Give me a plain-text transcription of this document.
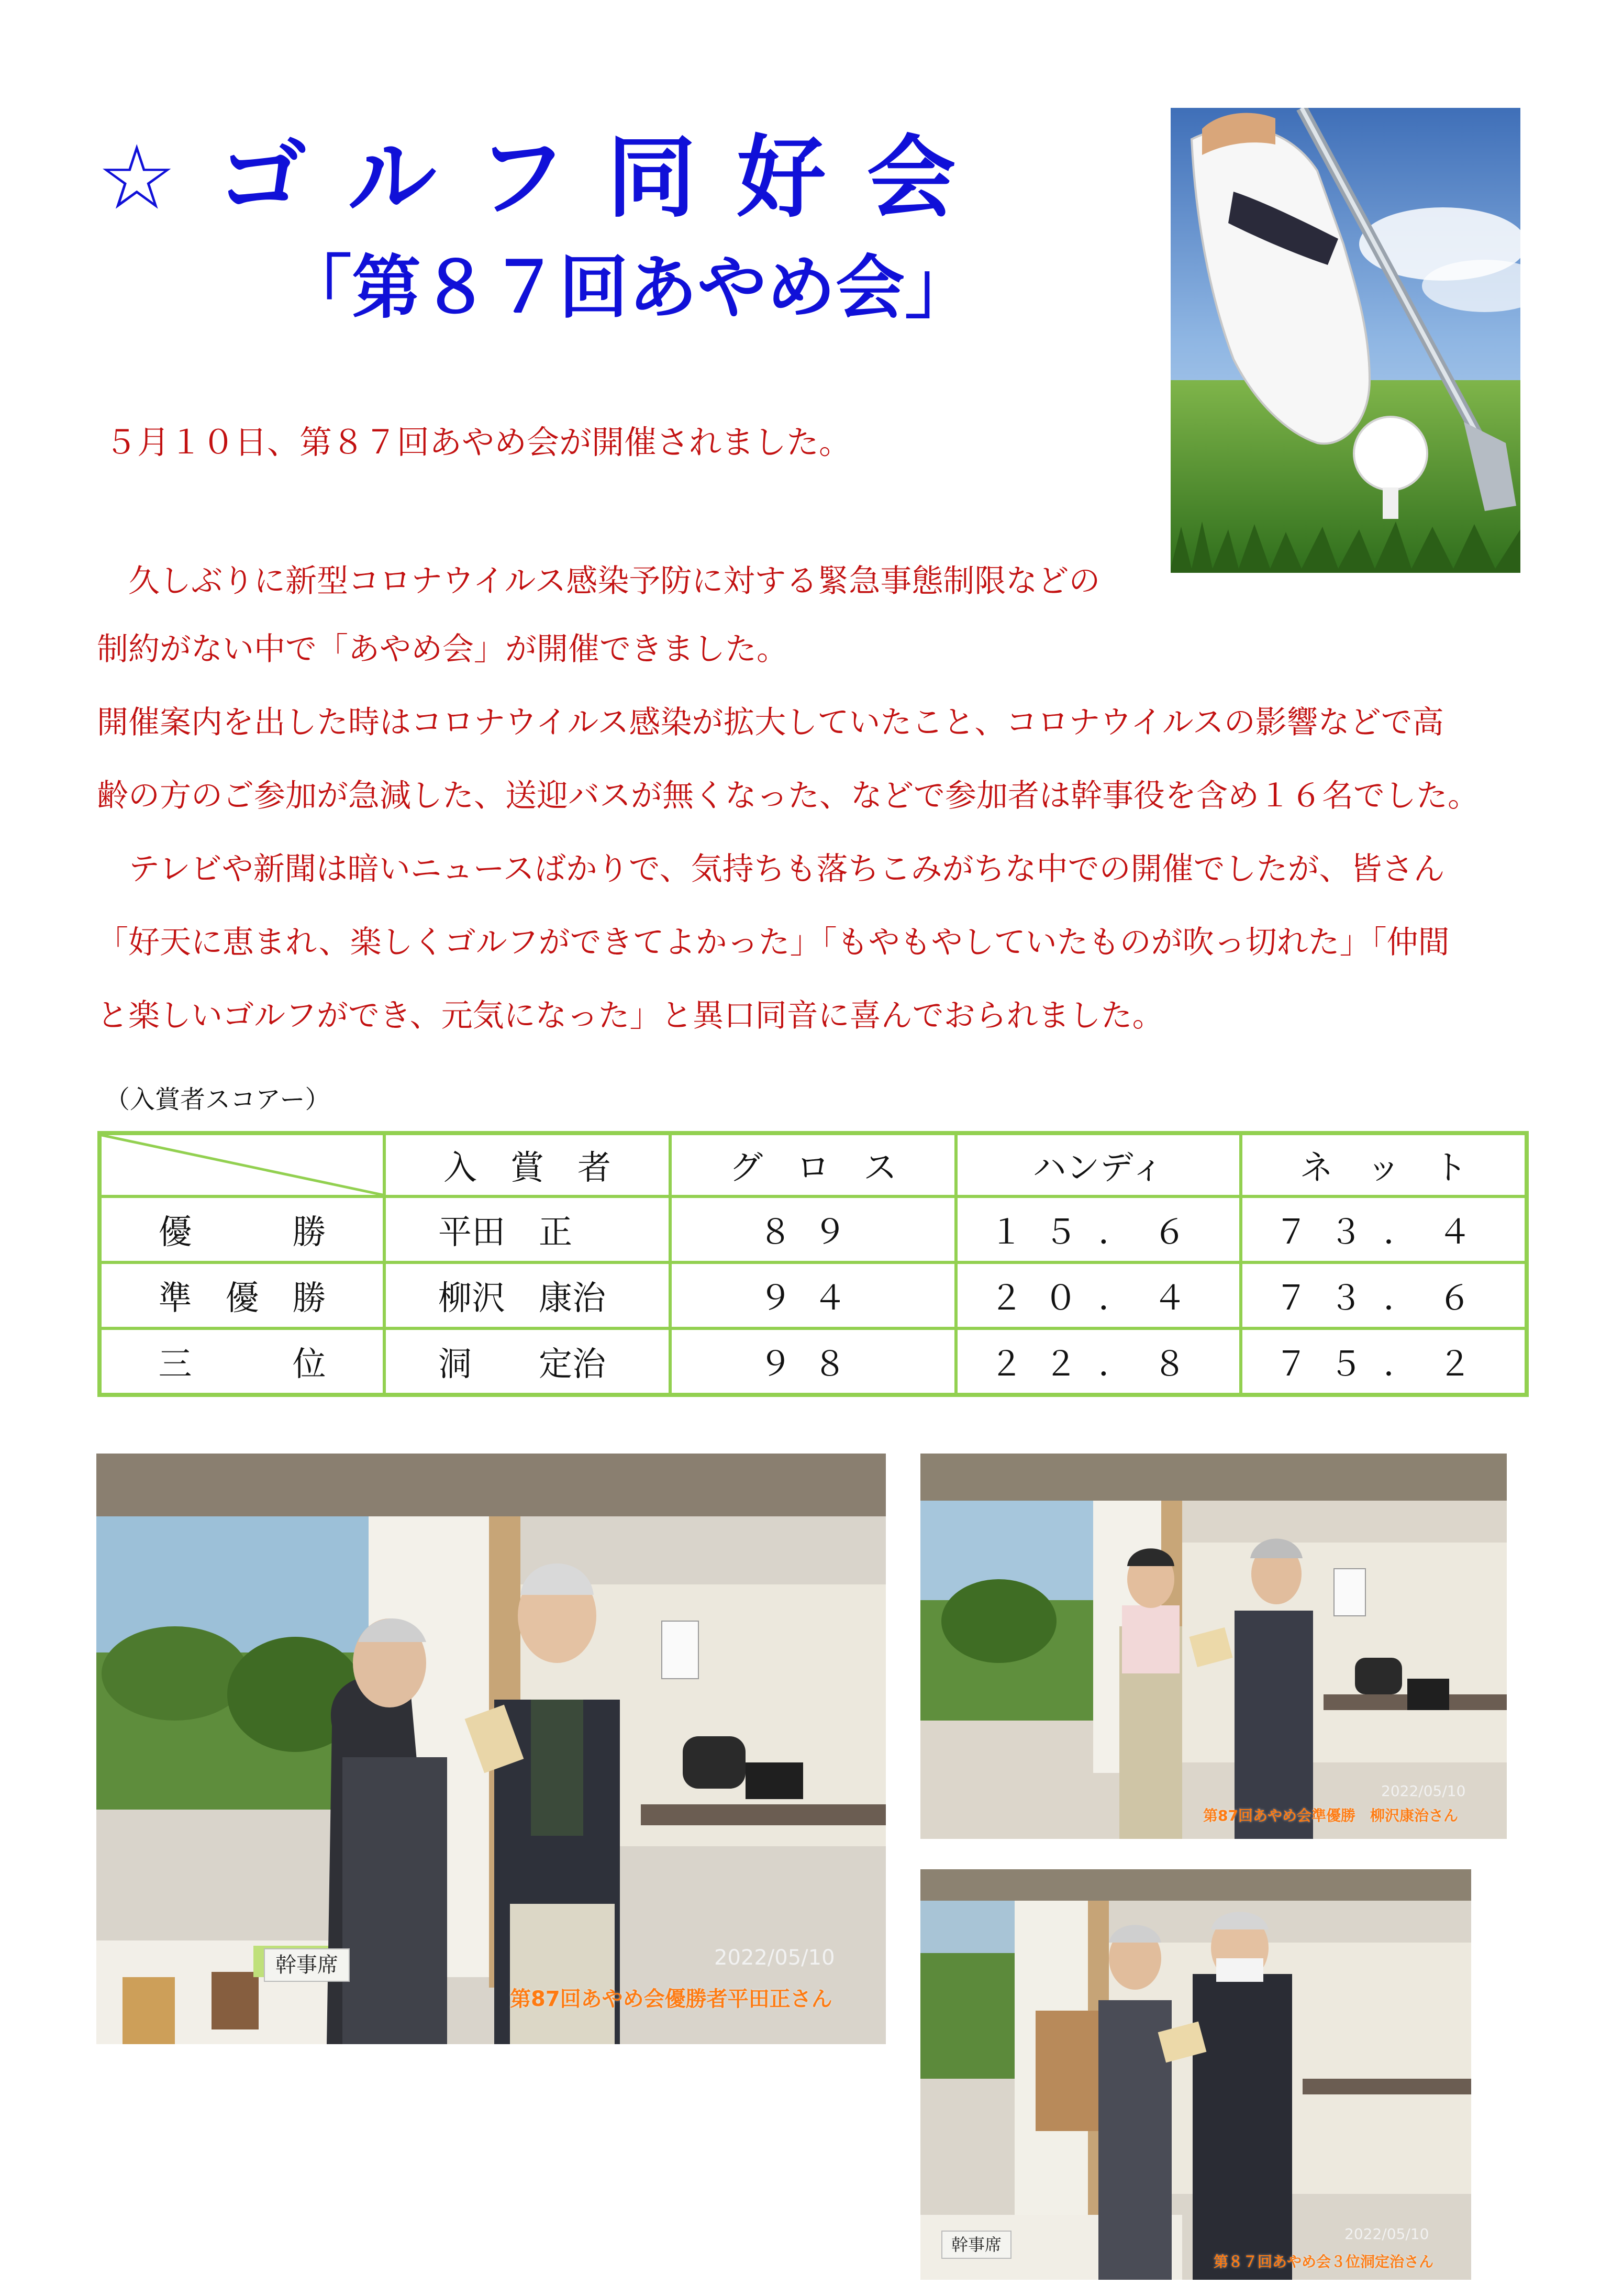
☆ゴルフ同好会
「第８７回あやめ会」
５月１０日、第８７回あやめ会が開催されました。
　久しぶりに新型コロナウイルス感染予防に対する緊急事態制限などの
制約がない中で「あやめ会」が開催できました。
開催案内を出した時はコロナウイルス感染が拡大していたこと、コロナウイルスの影響などで高
齢の方のご参加が急減した、送迎バスが無くなった、などで参加者は幹事役を含め１６名でした。
　テレビや新聞は暗いニュースばかりで、気持ちも落ちこみがちな中での開催でしたが、皆さん
「好天に恵まれ、楽しくゴルフができてよかった」「もやもやしていたものが吹っ切れた」「仲間
と楽しいゴルフができ、元気になった」と異口同音に喜んでおられました。
（入賞者スコアー）
	入　賞　者	グ　ロ　ス	ハンディ	ネ　ッ　ト
優　　　勝	平田　正	８９	１５．６	７３．４
準　優　勝	柳沢　康治	９４	２０．４	７３．６
三　　　位	洞　　定治	９８	２２．８	７５．２
幹事席	2022/05/10
第87回あやめ会優勝者平田正さん
2022/05/10
第87回あやめ会準優勝　柳沢康治さん
幹事席
2022/05/10
第８７回あやめ会３位洞定治さん
